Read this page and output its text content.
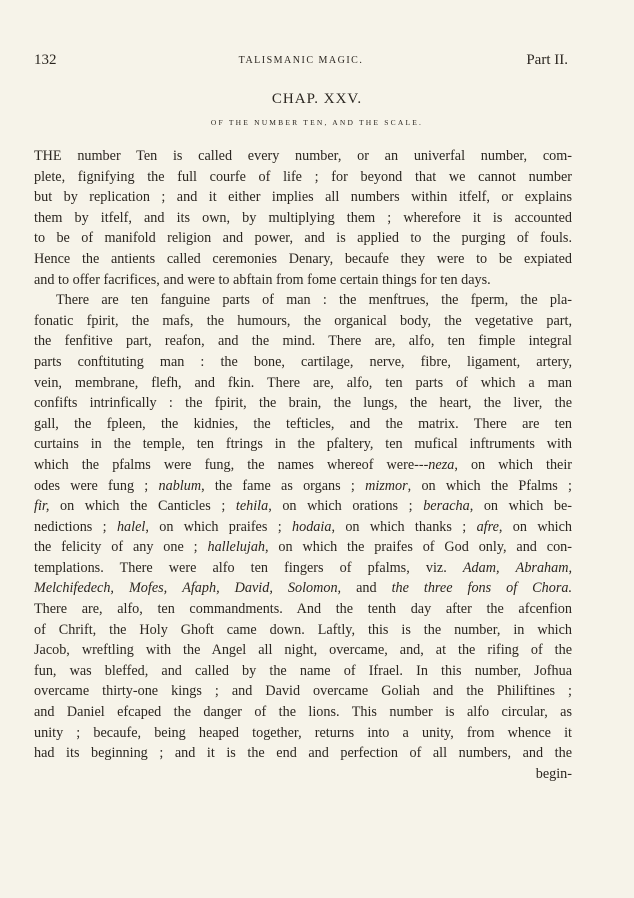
132	TALISMANIC MAGIC.	Part II.
CHAP. XXV.
OF THE NUMBER TEN, AND THE SCALE.
THE number Ten is called every number, or an univerfal number, com-
plete, fignifying the full courfe of life ; for beyond that we cannot number
but by replication ; and it either implies all numbers within itfelf, or explains
them by itfelf, and its own, by multiplying them ; wherefore it is accounted
to be of manifold religion and power, and is applied to the purging of fouls.
Hence the antients called ceremonies Denary, becaufe they were to be expiated
and to offer facrifices, and were to abftain from fome certain things for ten days.
There are ten fanguine parts of man : the menftrues, the fperm, the pla-
fonatic fpirit, the mafs, the humours, the organical body, the vegetative part,
the fenfitive part, reafon, and the mind. There are, alfo, ten fimple integral
parts conftituting man : the bone, cartilage, nerve, fibre, ligament, artery,
vein, membrane, flefh, and fkin. There are, alfo, ten parts of which a man
confifts intrinfically : the fpirit, the brain, the lungs, the heart, the liver, the
gall, the fpleen, the kidnies, the tefticles, and the matrix. There are ten
curtains in the temple, ten ftrings in the pfaltery, ten mufical inftruments with
which the pfalms were fung, the names whereof were---neza, on which their
odes were fung ; nablum, the fame as organs ; mizmor, on which the Pfalms ;
fir, on which the Canticles ; tehila, on which orations ; beracha, on which be-
nedictions ; halel, on which praifes ; hodaia, on which thanks ; afre, on which
the felicity of any one ; hallelujah, on which the praifes of God only, and con-
templations. There were alfo ten fingers of pfalms, viz. Adam, Abraham,
Melchifedech, Mofes, Afaph, David, Solomon, and the three fons of Chora.
There are, alfo, ten commandments. And the tenth day after the afcenfion
of Chrift, the Holy Ghoft came down. Laftly, this is the number, in which
Jacob, wreftling with the Angel all night, overcame, and, at the rifing of the
fun, was bleffed, and called by the name of Ifrael. In this number, Jofhua
overcame thirty-one kings ; and David overcame Goliah and the Philiftines ;
and Daniel efcaped the danger of the lions. This number is alfo circular, as
unity ; becaufe, being heaped together, returns into a unity, from whence it
had its beginning ; and it is the end and perfection of all numbers, and the
begin-
